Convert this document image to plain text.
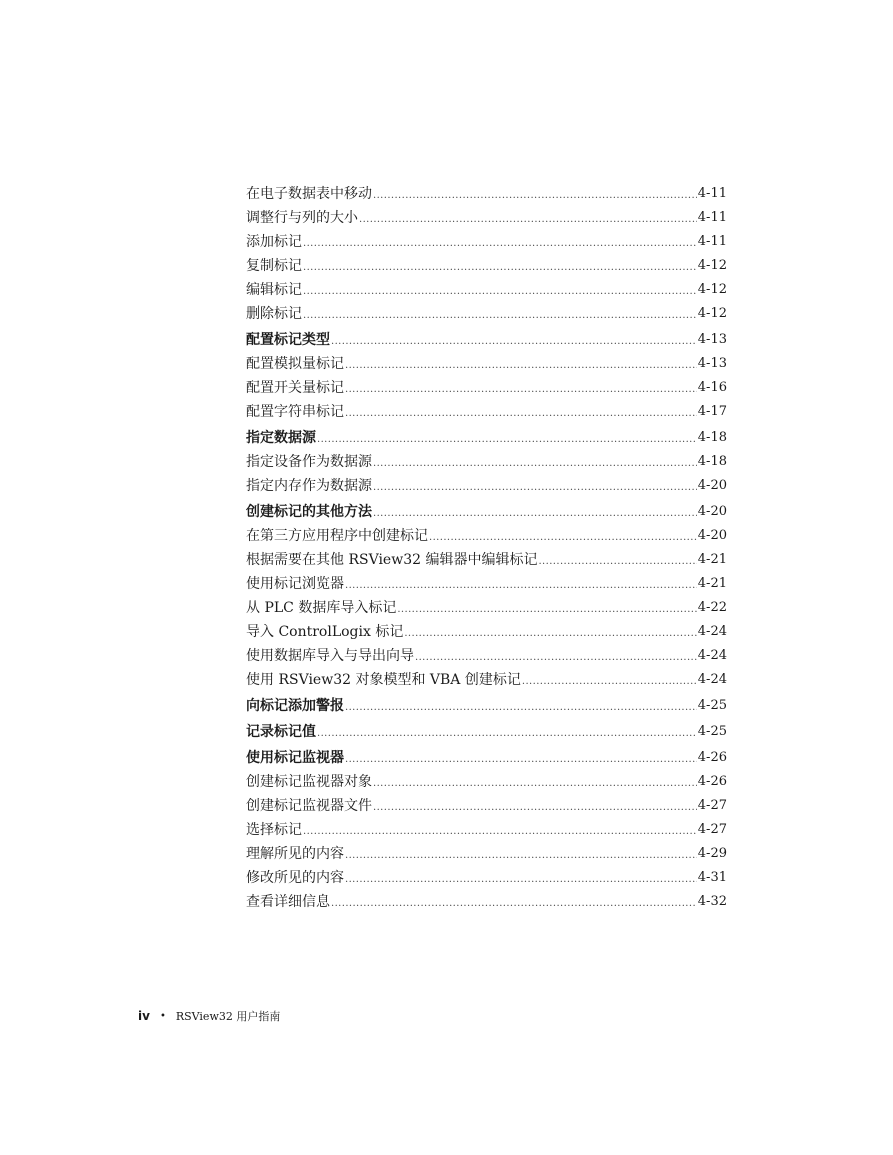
在电子数据表中移动 .....	4-11
调整行与列的大小 .....	4-11
添加标记 .....	4-11
复制标记 .....	4-12
编辑标记 .....	4-12
删除标记 .....	4-12
配置标记类型 .....	4-13
配置模拟量标记 .....	4-13
配置开关量标记 .....	4-16
配置字符串标记 .....	4-17
指定数据源 .....	4-18
指定设备作为数据源 .....	4-18
指定内存作为数据源 .....	4-20
创建标记的其他方法 .....	4-20
在第三方应用程序中创建标记 .....	4-20
根据需要在其他 RSView32 编辑器中编辑标记 .....	4-21
使用标记浏览器 .....	4-21
从 PLC 数据库导入标记 .....	4-22
导入 ControlLogix 标记 .....	4-24
使用数据库导入与导出向导 .....	4-24
使用 RSView32 对象模型和 VBA 创建标记 .....	4-24
向标记添加警报 .....	4-25
记录标记值 .....	4-25
使用标记监视器 .....	4-26
创建标记监视器对象 .....	4-26
创建标记监视器文件 .....	4-27
选择标记 .....	4-27
理解所见的内容 .....	4-29
修改所见的内容 .....	4-31
查看详细信息 .....	4-32
iv • RSView32 用户指南
